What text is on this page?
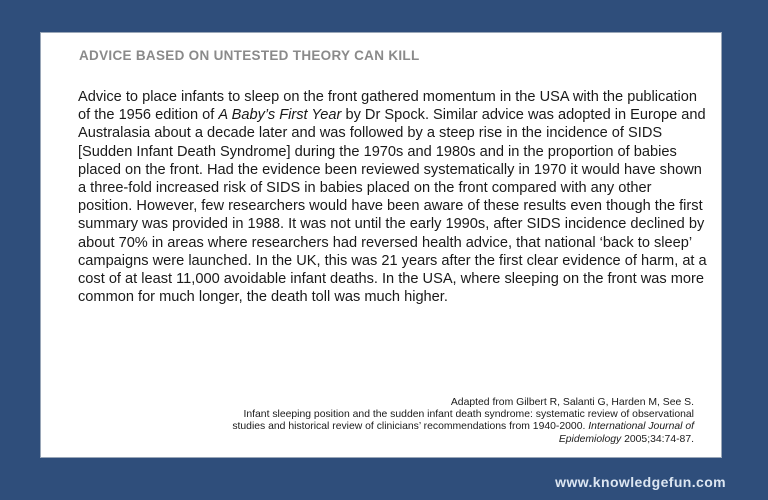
ADVICE BASED ON UNTESTED THEORY CAN KILL

Advice to place infants to sleep on the front gathered momentum in the USA with the publication of the 1956 edition of A Baby’s First Year by Dr Spock. Similar advice was adopted in Europe and Australasia about a decade later and was followed by a steep rise in the incidence of SIDS [Sudden Infant Death Syndrome] during the 1970s and 1980s and in the proportion of babies placed on the front. Had the evidence been reviewed systematically in 1970 it would have shown a three-fold increased risk of SIDS in babies placed on the front compared with any other position. However, few researchers would have been aware of these results even though the first summary was provided in 1988. It was not until the early 1990s, after SIDS incidence declined by about 70% in areas where researchers had reversed health advice, that national ‘back to sleep’ campaigns were launched. In the UK, this was 21 years after the first clear evidence of harm, at a cost of at least 11,000 avoidable infant deaths. In the USA, where sleeping on the front was more common for much longer, the death toll was much higher.

Adapted from Gilbert R, Salanti G, Harden M, See S.
Infant sleeping position and the sudden infant death syndrome: systematic review of observational
studies and historical review of clinicians’ recommendations from 1940-2000. International Journal of
Epidemiology 2005;34:74-87.

www.knowledgefun.com
